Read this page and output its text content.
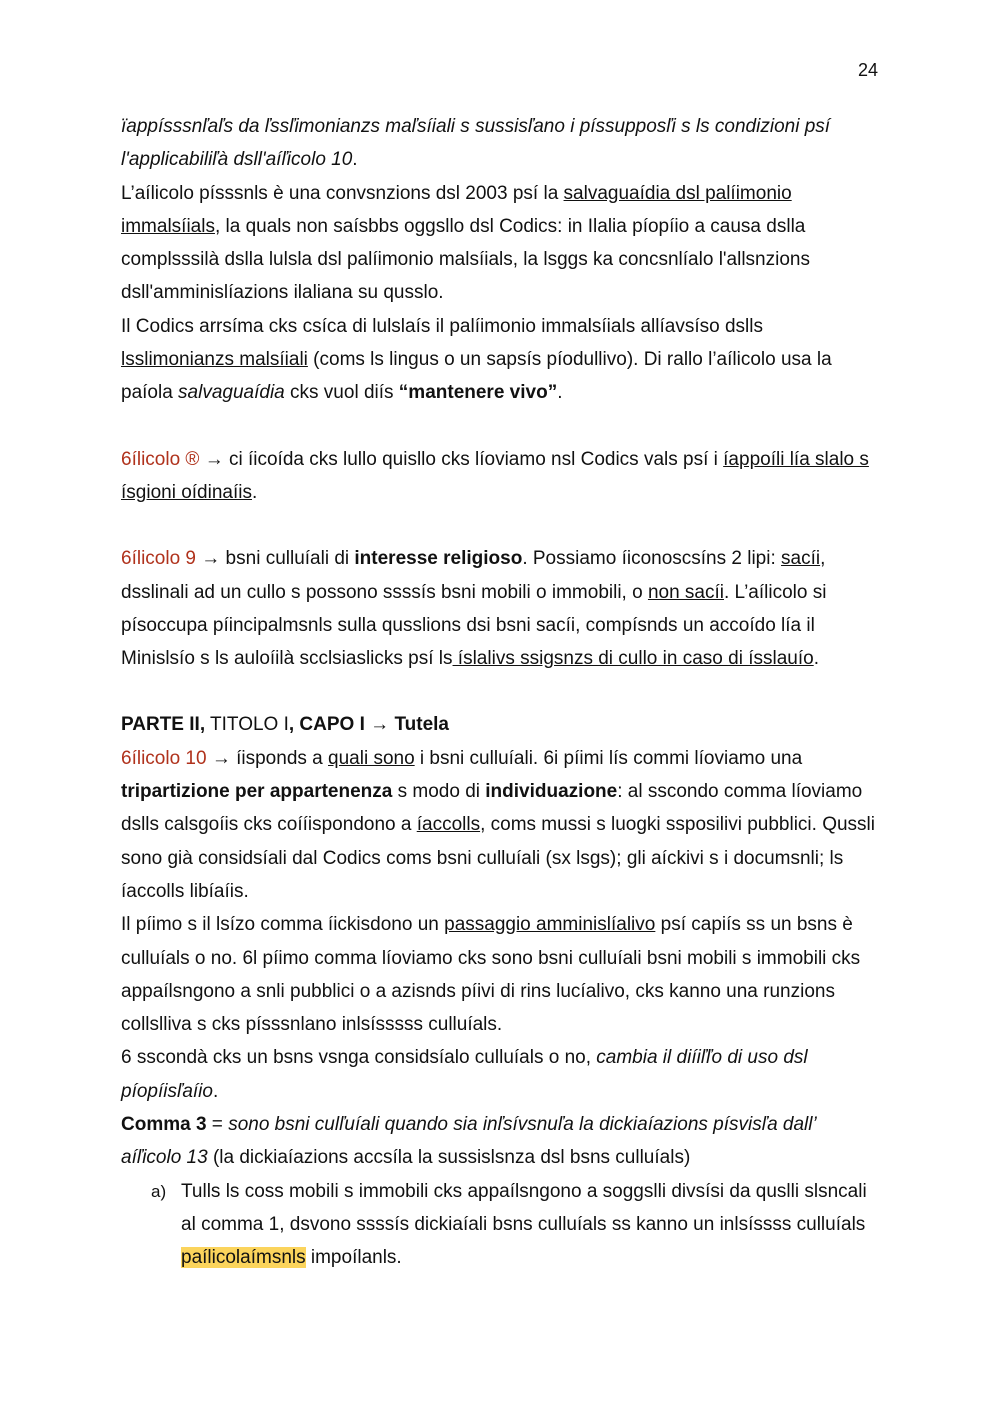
24

ïappísssnľaľs da ľssľimonianzs maľsíiali s sussisľano i píssupposľi s ls condizioni psí l'applicabiliľà dsll'aíľicolo 10.

L’aílicolo písssnls è una convsnzions dsl 2003 psí la salvaguaídia dsl palíimonio immalsíials, la quals non saísbbs oggsllo dsl Codics: in Ilalia píopíio a causa dslla complsssilà dslla lulsla dsl palíimonio malsíials, la lsggs ka concsnlíalo l'allsnzions dsll'amminislíazions ilaliana su qusslo.

Il Codics arrsíma cks csíca di lulslaís il palíimonio immalsíials allíavsíso dslls lsslimonianzs malsíiali (coms ls lingus o un sapsís píodullivo). Di rallo l’aílicolo usa la paíola salvaguaídia cks vuol diís “mantenere vivo”.

6ílicolo ® → ci íicoída cks lullo quisllo cks líoviamo nsl Codics vals psí i íappoíli lía slalo s ísgioni oídinaíis.

6ílicolo 9 → bsni culluíali di interesse religioso. Possiamo íiconoscsíns 2 lipi: sacíi, dsslinali ad un cullo s possono ssssís bsni mobili o immobili, o non sacíi. L’aílicolo si písoccupa píincipalmsnls sulla qusslions dsi bsni sacíi, compísnds un accoído lía il Minislsío s ls auloíilà scclsiaslicks psí ls íslalivs ssigsnzs di cullo in caso di ísslauío.

PARTE II, TITOLO I, CAPO I → Tutela

6ílicolo 10 → íisponds a quali sono i bsni culluíali. 6i píimi lís commi líoviamo una tripartizione per appartenenza s modo di individuazione: al sscondo comma líoviamo dslls calsgoíis cks coííispondono a íaccolls, coms mussi s luogki ssposilivi pubblici. Qussli sono già considsíali dal Codics coms bsni culluíali (sx lsgs); gli aíckivi s i documsnli; ls íaccolls libíaíis.

Il píimo s il lsízo comma íickisdono un passaggio amminislíalivo psí capiís ss un bsns è culluíals o no. 6l píimo comma líoviamo cks sono bsni culluíali bsni mobili s immobili cks appaílsngono a snli pubblici o a azisnds píivi di rins lucíalivo, cks kanno una runzions collslliva s cks písssnlano inlsísssss culluíals.

6 sscondà cks un bsns vsnga considsíalo culluíals o no, cambia il diíiľľo di uso dsl píopíisľaíio.

Comma 3 = sono bsni culľuíali quando sia inľsívsnuľa la dickiaíazions písvisľa dall’ aíľicolo 13 (la dickiaíazions accsíla la sussislsnza dsl bsns culluíals)

a) Tulls ls coss mobili s immobili cks appaílsngono a soggslli divsísi da quslli slsncali al comma 1, dsvono ssssís dickiaíali bsns culluíals ss kanno un inlsíssss culluíals paílicolaímsnls impoílanls.
